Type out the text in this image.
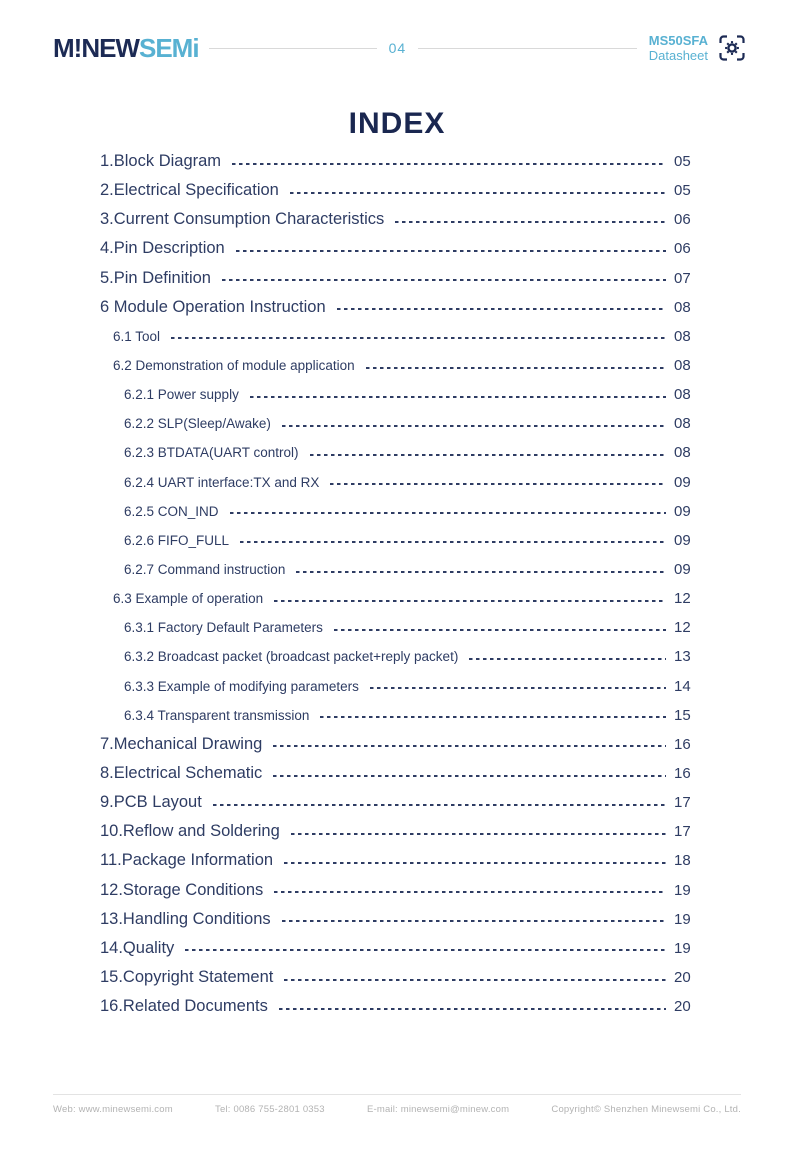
M!NEWSEMi	04	MS50SFA
Datasheet
INDEX
1.Block Diagram	05
2.Electrical Specification	05
3.Current Consumption Characteristics	06
4.Pin Description	06
5.Pin Definition	07
6 Module Operation Instruction	08
6.1 Tool	08
6.2 Demonstration of module application	08
6.2.1 Power supply	08
6.2.2 SLP(Sleep/Awake)	08
6.2.3 BTDATA(UART control)	08
6.2.4 UART interface:TX and RX	09
6.2.5 CON_IND	09
6.2.6 FIFO_FULL	09
6.2.7 Command instruction	09
6.3 Example of operation	12
6.3.1 Factory Default Parameters	12
6.3.2 Broadcast packet (broadcast packet+reply packet)	13
6.3.3 Example of modifying parameters	14
6.3.4 Transparent transmission	15
7.Mechanical Drawing	16
8.Electrical Schematic	16
9.PCB Layout	17
10.Reflow and Soldering	17
11.Package Information	18
12.Storage Conditions	19
13.Handling Conditions	19
14.Quality	19
15.Copyright Statement	20
16.Related Documents	20
Web: www.minewsemi.com	Tel: 0086 755-2801 0353	E-mail: minewsemi@minew.com	Copyright© Shenzhen Minewsemi Co., Ltd.
